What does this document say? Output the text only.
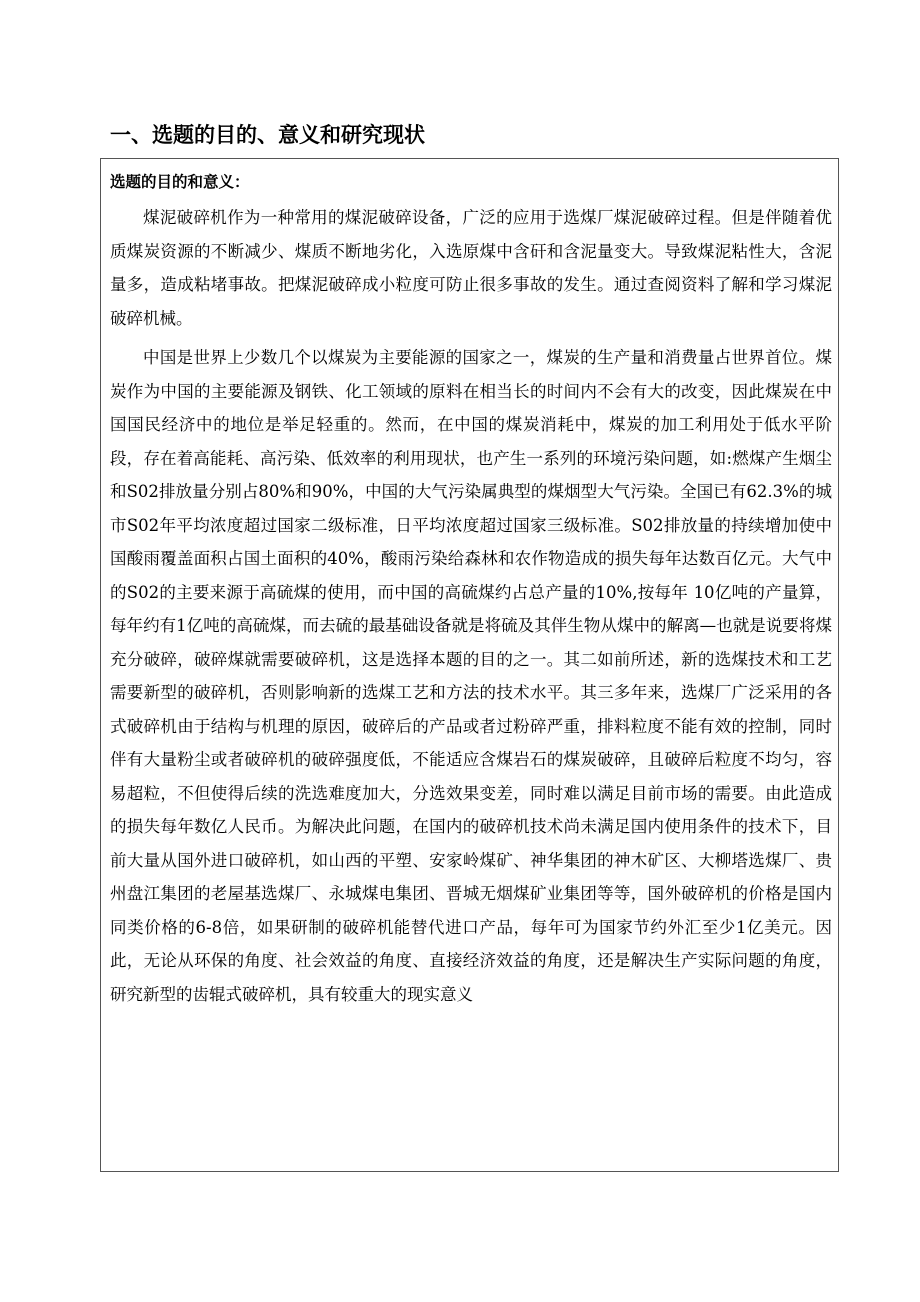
一、选题的目的、意义和研究现状

选题的目的和意义：

煤泥破碎机作为一种常用的煤泥破碎设备，广泛的应用于选煤厂煤泥破碎过程。但是伴随着优质煤炭资源的不断减少、煤质不断地劣化，入选原煤中含矸和含泥量变大。导致煤泥粘性大，含泥量多，造成粘堵事故。把煤泥破碎成小粒度可防止很多事故的发生。通过查阅资料了解和学习煤泥破碎机械。

中国是世界上少数几个以煤炭为主要能源的国家之一，煤炭的生产量和消费量占世界首位。煤炭作为中国的主要能源及钢铁、化工领域的原料在相当长的时间内不会有大的改变，因此煤炭在中国国民经济中的地位是举足轻重的。然而，在中国的煤炭消耗中，煤炭的加工利用处于低水平阶段，存在着高能耗、高污染、低效率的利用现状，也产生一系列的环境污染问题，如:燃煤产生烟尘和S02排放量分别占80%和90%，中国的大气污染属典型的煤烟型大气污染。全国已有62.3%的城市S02年平均浓度超过国家二级标准，日平均浓度超过国家三级标准。S02排放量的持续增加使中国酸雨覆盖面积占国土面积的40%，酸雨污染给森林和农作物造成的损失每年达数百亿元。大气中的S02的主要来源于高硫煤的使用，而中国的高硫煤约占总产量的10%,按每年 10亿吨的产量算，每年约有1亿吨的高硫煤，而去硫的最基础设备就是将硫及其伴生物从煤中的解离—也就是说要将煤充分破碎，破碎煤就需要破碎机，这是选择本题的目的之一。其二如前所述，新的选煤技术和工艺需要新型的破碎机，否则影响新的选煤工艺和方法的技术水平。其三多年来，选煤厂广泛采用的各式破碎机由于结构与机理的原因，破碎后的产品或者过粉碎严重，排料粒度不能有效的控制，同时伴有大量粉尘或者破碎机的破碎强度低，不能适应含煤岩石的煤炭破碎，且破碎后粒度不均匀，容易超粒，不但使得后续的洗选难度加大，分选效果变差，同时难以满足目前市场的需要。由此造成的损失每年数亿人民币。为解决此问题，在国内的破碎机技术尚未满足国内使用条件的技术下，目前大量从国外进口破碎机，如山西的平塑、安家岭煤矿、神华集团的神木矿区、大柳塔选煤厂、贵州盘江集团的老屋基选煤厂、永城煤电集团、晋城无烟煤矿业集团等等，国外破碎机的价格是国内同类价格的6-8倍，如果研制的破碎机能替代进口产品，每年可为国家节约外汇至少1亿美元。因此，无论从环保的角度、社会效益的角度、直接经济效益的角度，还是解决生产实际问题的角度，研究新型的齿辊式破碎机，具有较重大的现实意义
